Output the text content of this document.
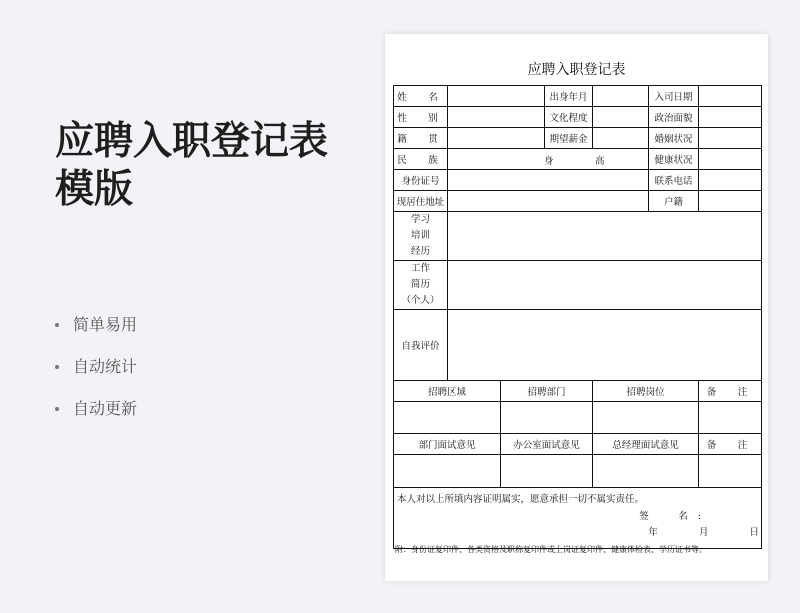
应聘入职登记表
模版
简单易用
自动统计
自动更新
应聘入职登记表
姓　名			出身年月		入司日期	
性　别			文化程度		政治面貌	
籍　贯			期望薪金		婚姻状况	
民　族	身 高				健康状况	
身份证号					联系电话	
现居住地址					户籍	
学习
培训
经历						
工作
简历
（个人）						
自我评价						
招聘区域		招聘部门		招聘岗位		备　注

部门面试意见		办公室面试意见		总经理面试意见		备　注

本人对以上所填内容证明属实，愿意承担一切不属实责任。
签　名:
年 月 日						
附：身份证复印件、各类资格及职称复印件或上岗证复印件、健康体检表、学历证书等。
